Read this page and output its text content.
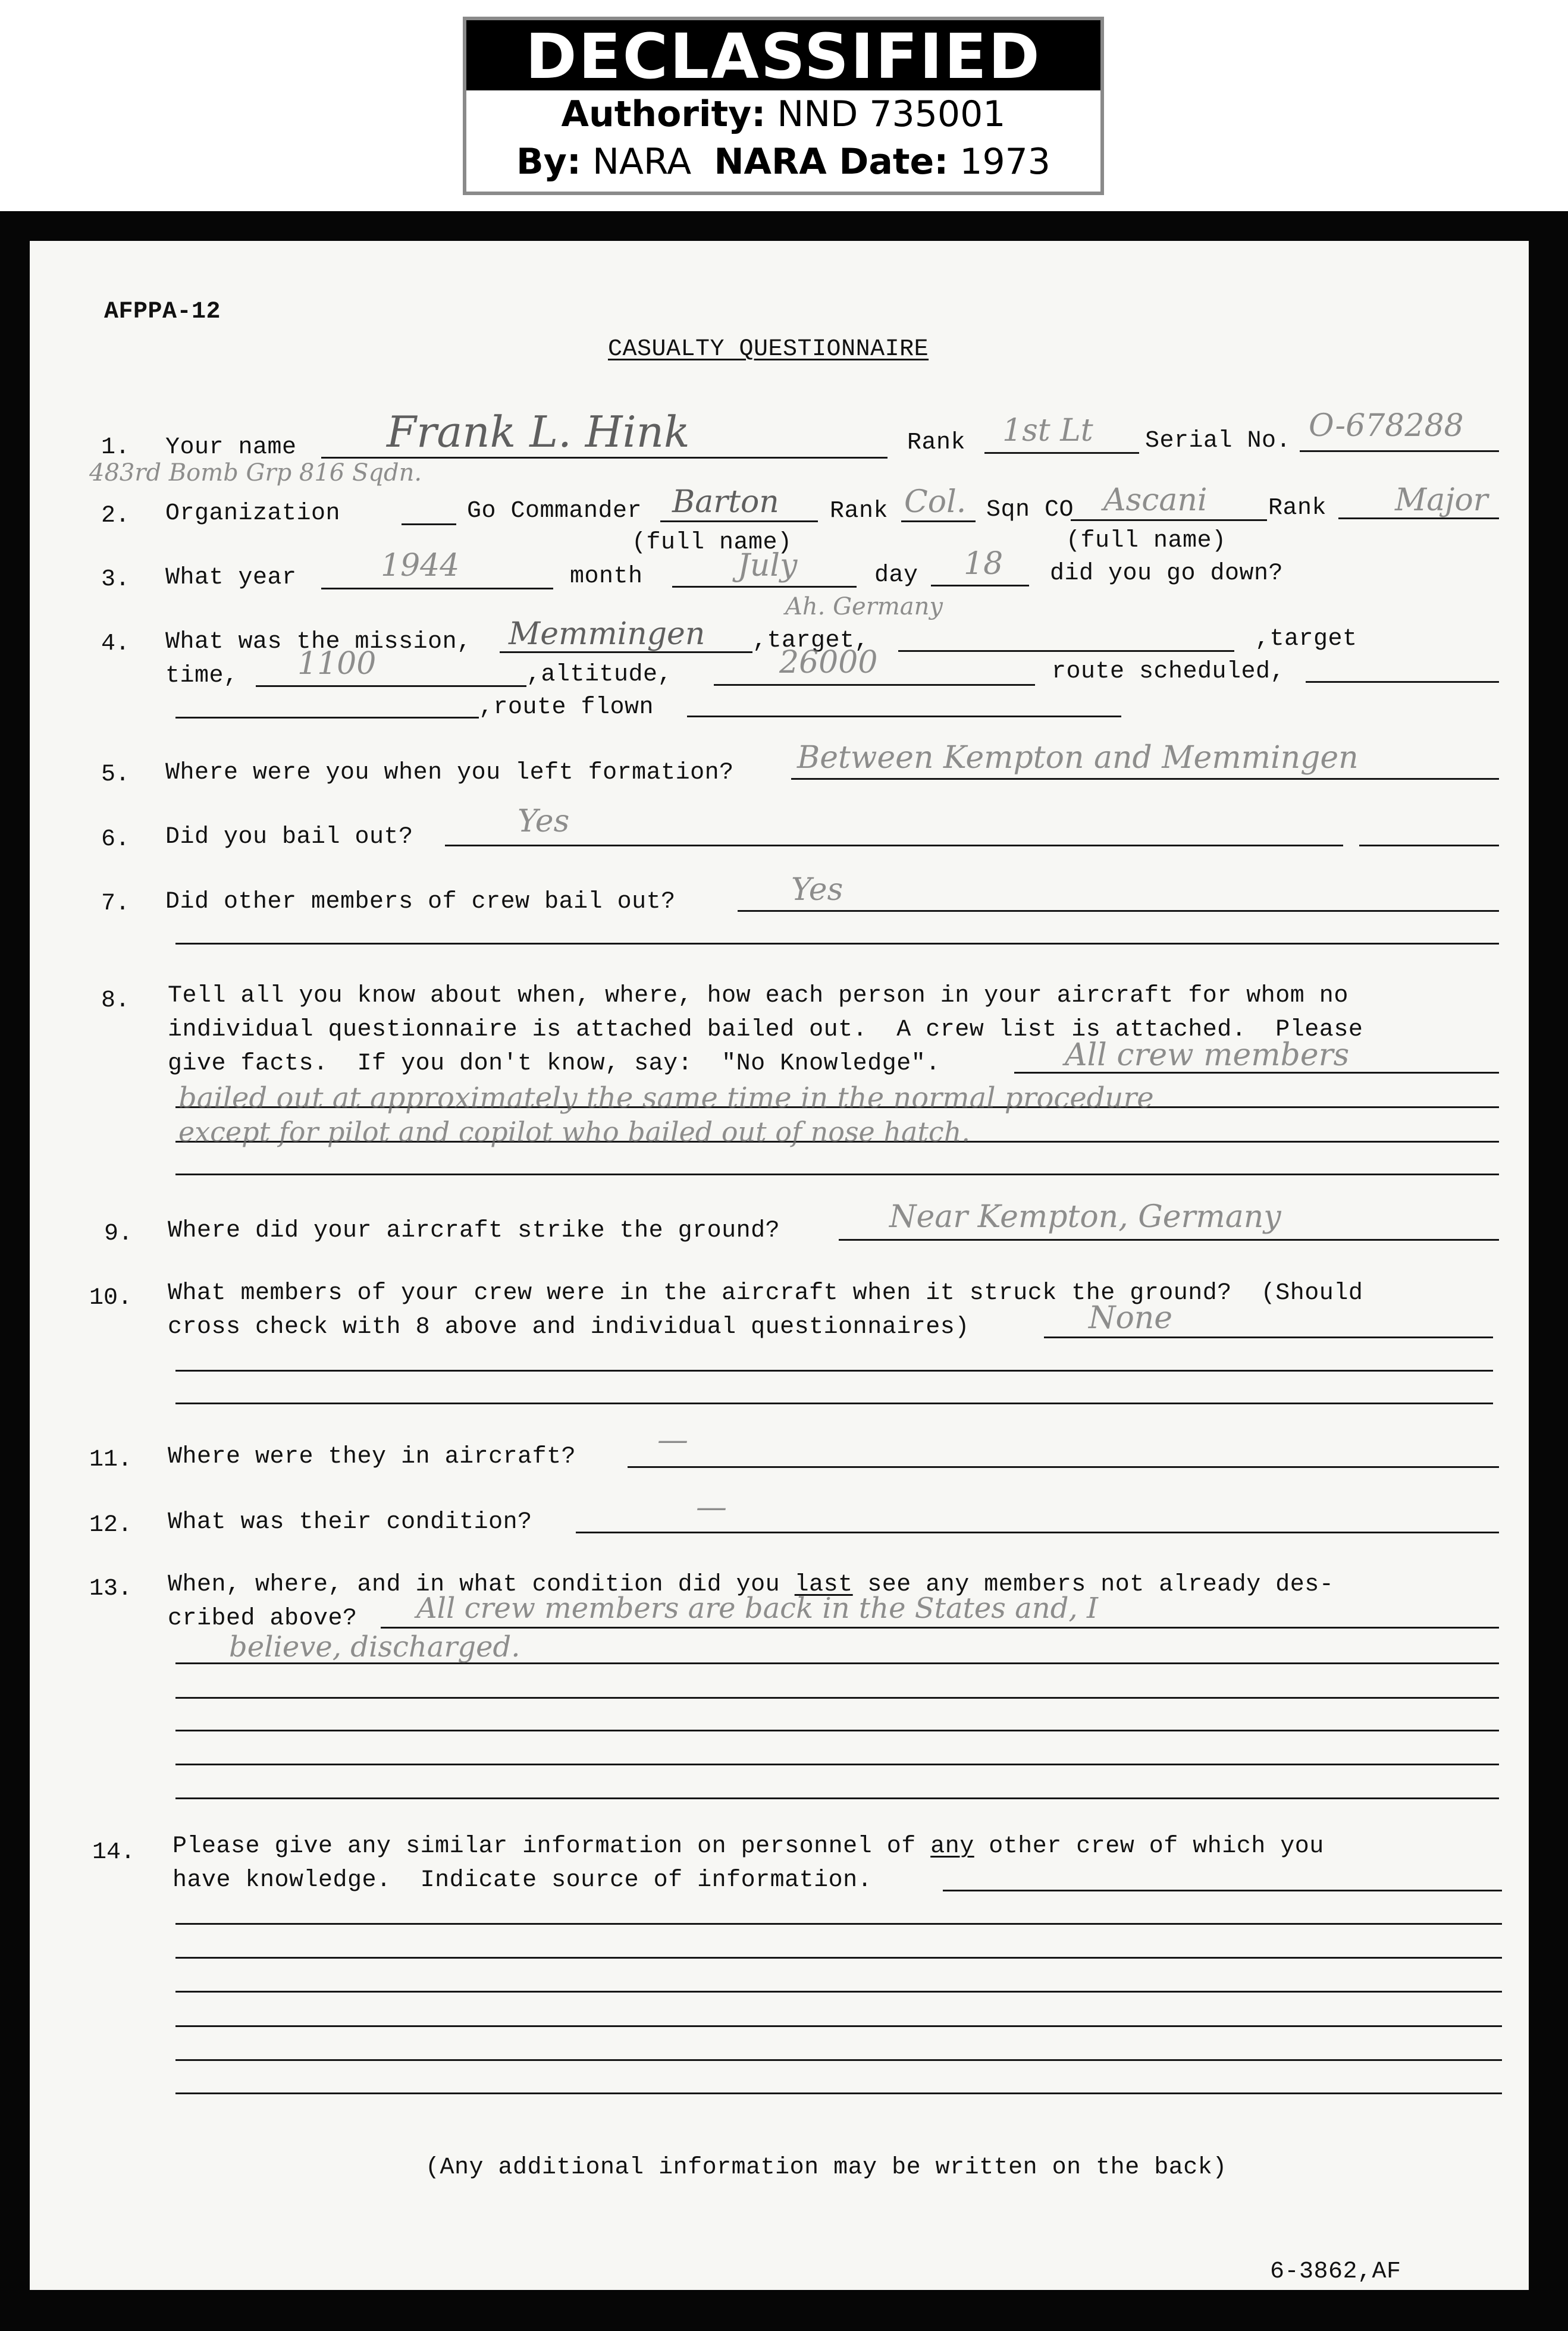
DECLASSIFIED
Authority: NND 735001
By: NARA NARA Date: 1973
AFPPA-12
CASUALTY QUESTIONNAIRE
1. Your name Frank L. Hink	Rank 1st Lt Serial No. O-678288
483rd Bomb Grp 816 Sqdn.
2. Organization	Go Commander Barton
(full name)
Rank Col. Sqn CO Ascani
(full name)
Rank Major
3. What year	1944	month	July	day 18 did you go down?
4. What was the mission, Memmingen
Ah. Germany
,target,	,target
time, 1100	,altitude,	26000	route scheduled,
,route flown
5. Where were you when you left formation? Between Kempton and Memmingen
6. Did you bail out?	Yes
7. Did other members of crew bail out?	Yes
8. Tell all you know about when, where, how each person in your aircraft for whom no
individual questionnaire is attached bailed out.  A crew list is attached.  Please
give facts.  If you don't know, say:  "No Knowledge".	All crew members
bailed out at approximately the same time in the normal procedure
except for pilot and copilot who bailed out of nose hatch.
9. Where did your aircraft strike the ground?	Near Kempton, Germany
10. What members of your crew were in the aircraft when it struck the ground?  (Should
cross check with 8 above and individual questionnaires)	None
11. Where were they in aircraft?	—
12. What was their condition?	—
13. When, where, and in what condition did you last see any members not already des-
cribed above? All crew members are back in the States and, I
believe, discharged.
14. Please give any similar information on personnel of any other crew of which you
have knowledge.  Indicate source of information.
(Any additional information may be written on the back)
6-3862,AF
